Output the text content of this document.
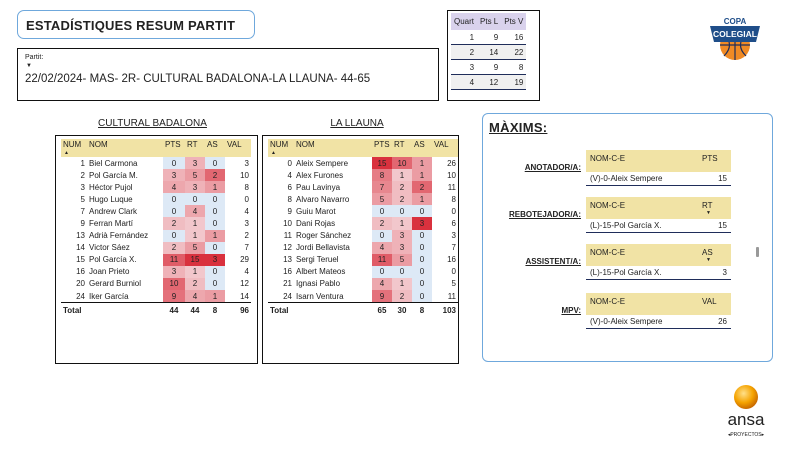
ESTADÍSTIQUES RESUM PARTIT
Partit:
▼
22/02/2024- MAS- 2R- CULTURAL BADALONA-LA LLAUNA- 44-65
Quart	Pts L	Pts V
1	9	16
2	14	22
3	9	8
4	12	19
COPA
COLEGIAL
CULTURAL BADALONA	LA LLAUNA
NUM
▲	NOM	PTS	RT	AS	VAL
1	Biel Carmona	0	3	0	3
2	Pol García M.	3	5	2	10
3	Héctor Pujol	4	3	1	8
5	Hugo Luque	0	0	0	0
7	Andrew Clark	0	4	0	4
9	Ferran Martí	2	1	0	3
13	Adrià Fernández	0	1	1	2
14	Victor Sáez	2	5	0	7
15	Pol García X.	11	15	3	29
16	Joan Prieto	3	1	0	4
20	Gerard Burniol	10	2	0	12
24	Iker García	9	4	1	14
Total		44	44	8	96
NUM
▲	NOM	PTS	RT	AS	VAL
0	Aleix Sempere	15	10	1	26
4	Alex Furones	8	1	1	10
6	Pau Lavinya	7	2	2	11
8	Alvaro Navarro	5	2	1	8
9	Guiu Marot	0	0	0	0
10	Dani Rojas	2	1	3	6
11	Roger Sánchez	0	3	0	3
12	Jordi Bellavista	4	3	0	7
13	Sergi Teruel	11	5	0	16
16	Albert Mateos	0	0	0	0
21	Ignasi Pablo	4	1	0	5
24	Isarn Ventura	9	2	0	11
Total		65	30	8	103
MÀXIMS:
ANOTADOR/A:
NOM-C-E	PTS
(V)-0-Aleix Sempere	15
REBOTEJADOR/A:
NOM-C-E	RT
▼
(L)-15-Pol García X.	15
ASSISTENT/A:
NOM-C-E	AS
▼
(L)-15-Pol García X.	3
MPV:
NOM-C-E	VAL
(V)-0-Aleix Sempere	26
ansa
◂PROYECTOS▸
